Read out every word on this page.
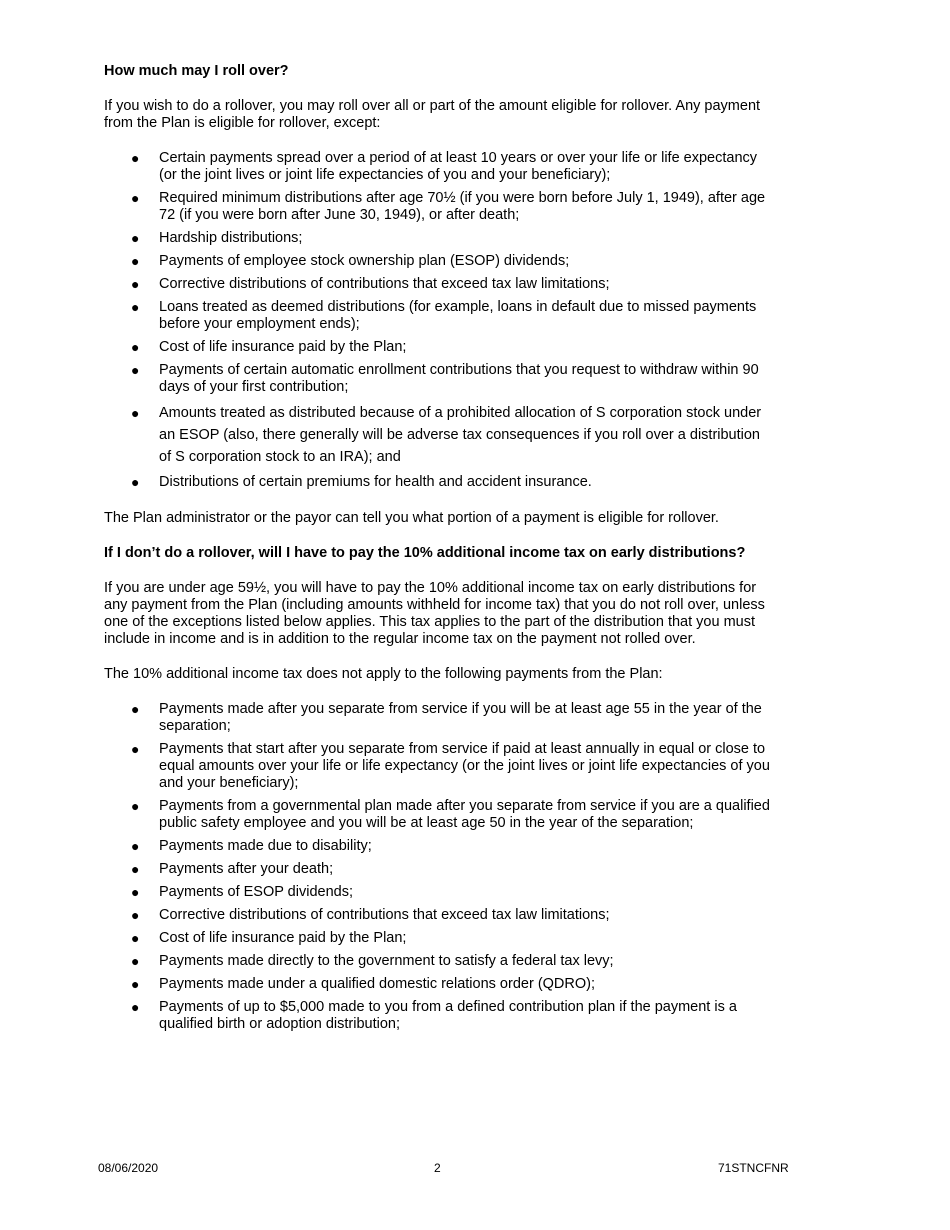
How much may I roll over?

If you wish to do a rollover, you may roll over all or part of the amount eligible for rollover. Any payment from the Plan is eligible for rollover, except:

● Certain payments spread over a period of at least 10 years or over your life or life expectancy (or the joint lives or joint life expectancies of you and your beneficiary);
● Required minimum distributions after age 70½ (if you were born before July 1, 1949), after age 72 (if you were born after June 30, 1949), or after death;
● Hardship distributions;
● Payments of employee stock ownership plan (ESOP) dividends;
● Corrective distributions of contributions that exceed tax law limitations;
● Loans treated as deemed distributions (for example, loans in default due to missed payments before your employment ends);
● Cost of life insurance paid by the Plan;
● Payments of certain automatic enrollment contributions that you request to withdraw within 90 days of your first contribution;
● Amounts treated as distributed because of a prohibited allocation of S corporation stock under an ESOP (also, there generally will be adverse tax consequences if you roll over a distribution of S corporation stock to an IRA); and
● Distributions of certain premiums for health and accident insurance.

The Plan administrator or the payor can tell you what portion of a payment is eligible for rollover.

If I don’t do a rollover, will I have to pay the 10% additional income tax on early distributions?

If you are under age 59½, you will have to pay the 10% additional income tax on early distributions for any payment from the Plan (including amounts withheld for income tax) that you do not roll over, unless one of the exceptions listed below applies. This tax applies to the part of the distribution that you must include in income and is in addition to the regular income tax on the payment not rolled over.

The 10% additional income tax does not apply to the following payments from the Plan:

● Payments made after you separate from service if you will be at least age 55 in the year of the separation;
● Payments that start after you separate from service if paid at least annually in equal or close to equal amounts over your life or life expectancy (or the joint lives or joint life expectancies of you and your beneficiary);
● Payments from a governmental plan made after you separate from service if you are a qualified public safety employee and you will be at least age 50 in the year of the separation;
● Payments made due to disability;
● Payments after your death;
● Payments of ESOP dividends;
● Corrective distributions of contributions that exceed tax law limitations;
● Cost of life insurance paid by the Plan;
● Payments made directly to the government to satisfy a federal tax levy;
● Payments made under a qualified domestic relations order (QDRO);
● Payments of up to $5,000 made to you from a defined contribution plan if the payment is a qualified birth or adoption distribution;
08/06/2020	2	71STNCFNR
